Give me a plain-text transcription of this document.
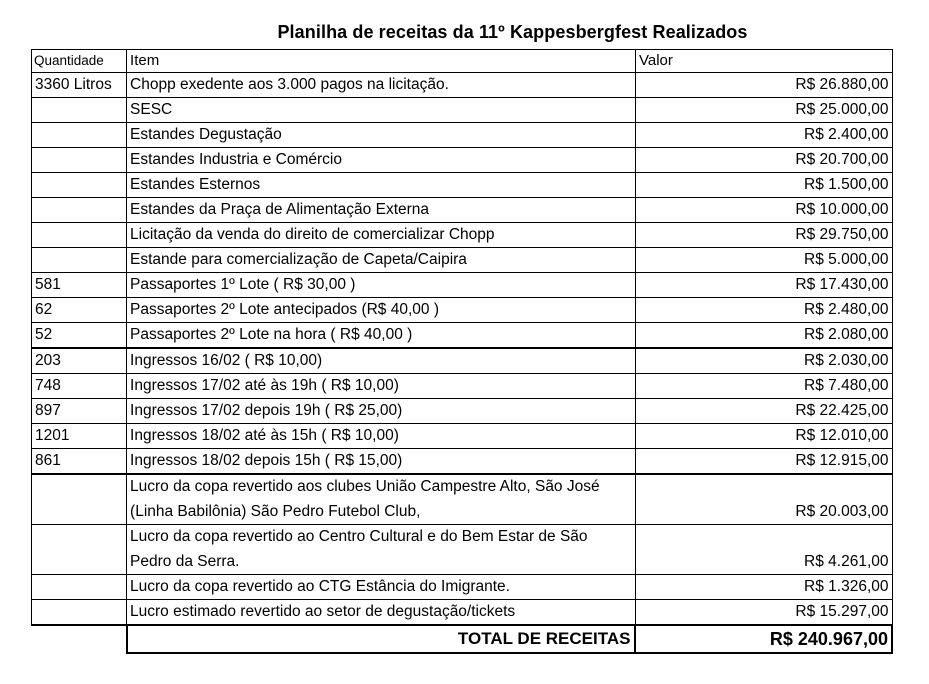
Planilha de receitas da 11º Kappesbergfest Realizados
Quantidade	Item	Valor
3360 Litros	Chopp exedente aos 3.000 pagos na licitação.	R$ 26.880,00
	SESC	R$ 25.000,00
	Estandes Degustação	R$ 2.400,00
	Estandes Industria e Comércio	R$ 20.700,00
	Estandes Esternos	R$ 1.500,00
	Estandes da Praça de Alimentação Externa	R$ 10.000,00
	Licitação da venda do direito de comercializar Chopp	R$ 29.750,00
	Estande para comercialização de Capeta/Caipira	R$ 5.000,00
581	Passaportes 1º Lote ( R$ 30,00 )	R$ 17.430,00
62	Passaportes 2º Lote antecipados (R$ 40,00 )	R$ 2.480,00
52	Passaportes 2º Lote na hora ( R$ 40,00 )	R$ 2.080,00
203	Ingressos 16/02 ( R$ 10,00)	R$ 2.030,00
748	Ingressos 17/02 até às 19h ( R$ 10,00)	R$ 7.480,00
897	Ingressos 17/02 depois 19h ( R$ 25,00)	R$ 22.425,00
1201	Ingressos 18/02 até às 15h ( R$ 10,00)	R$ 12.010,00
861	Ingressos 18/02 depois 15h ( R$ 15,00)	R$ 12.915,00
	Lucro da copa revertido aos clubes União Campestre Alto, São José (Linha Babilônia) São Pedro Futebol Club,	R$ 20.003,00
	Lucro da copa revertido ao Centro Cultural e do Bem Estar de São Pedro da Serra.	R$ 4.261,00
	Lucro da copa revertido ao CTG Estância do Imigrante.	R$ 1.326,00
	Lucro estimado revertido ao setor de degustação/tickets	R$ 15.297,00
	TOTAL DE RECEITAS	R$ 240.967,00
